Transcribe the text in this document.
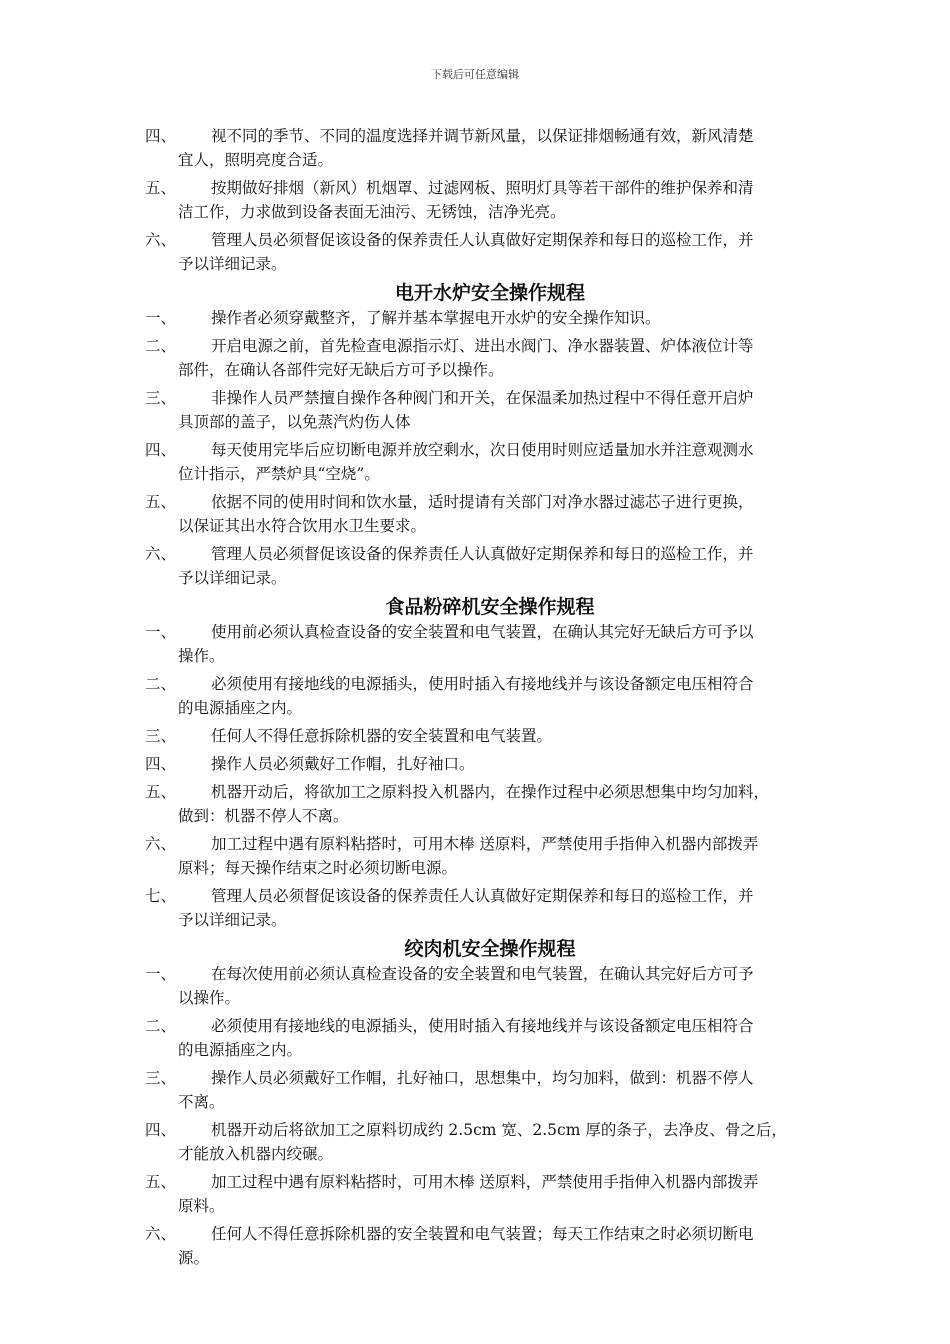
下载后可任意编辑
四、 视不同的季节、不同的温度选择并调节新风量，以保证排烟畅通有效，新风清楚
宜人，照明亮度合适。
五、 按期做好排烟（新风）机烟罩、过滤网板、照明灯具等若干部件的维护保养和清
洁工作，力求做到设备表面无油污、无锈蚀，洁净光亮。
六、 管理人员必须督促该设备的保养责任人认真做好定期保养和每日的巡检工作，并
予以详细记录。
电开水炉安全操作规程
一、 操作者必须穿戴整齐，了解并基本掌握电开水炉的安全操作知识。
二、 开启电源之前，首先检查电源指示灯、进出水阀门、净水器装置、炉体液位计等
部件，在确认各部件完好无缺后方可予以操作。
三、 非操作人员严禁擅自操作各种阀门和开关，在保温柔加热过程中不得任意开启炉
具顶部的盖子，以免蒸汽灼伤人体
四、 每天使用完毕后应切断电源并放空剩水，次日使用时则应适量加水并注意观测水
位计指示，严禁炉具“空烧”。
五、 依据不同的使用时间和饮水量，适时提请有关部门对净水器过滤芯子进行更换，
以保证其出水符合饮用水卫生要求。
六、 管理人员必须督促该设备的保养责任人认真做好定期保养和每日的巡检工作，并
予以详细记录。
食品粉碎机安全操作规程
一、 使用前必须认真检查设备的安全装置和电气装置，在确认其完好无缺后方可予以
操作。
二、 必须使用有接地线的电源插头，使用时插入有接地线并与该设备额定电压相符合
的电源插座之内。
三、 任何人不得任意拆除机器的安全装置和电气装置。
四、 操作人员必须戴好工作帽，扎好袖口。
五、 机器开动后，将欲加工之原料投入机器内，在操作过程中必须思想集中均匀加料，
做到：机器不停人不离。
六、 加工过程中遇有原料粘搭时，可用木棒 送原料，严禁使用手指伸入机器内部拨弄
原料；每天操作结束之时必须切断电源。
七、 管理人员必须督促该设备的保养责任人认真做好定期保养和每日的巡检工作，并
予以详细记录。
绞肉机安全操作规程
一、 在每次使用前必须认真检查设备的安全装置和电气装置，在确认其完好后方可予
以操作。
二、 必须使用有接地线的电源插头，使用时插入有接地线并与该设备额定电压相符合
的电源插座之内。
三、 操作人员必须戴好工作帽，扎好袖口，思想集中，均匀加料，做到：机器不停人
不离。
四、 机器开动后将欲加工之原料切成约 2.5cm 宽、2.5cm 厚的条子，去净皮、骨之后，
才能放入机器内绞碾。
五、 加工过程中遇有原料粘搭时，可用木棒 送原料，严禁使用手指伸入机器内部拨弄
原料。
六、 任何人不得任意拆除机器的安全装置和电气装置；每天工作结束之时必须切断电
源。
